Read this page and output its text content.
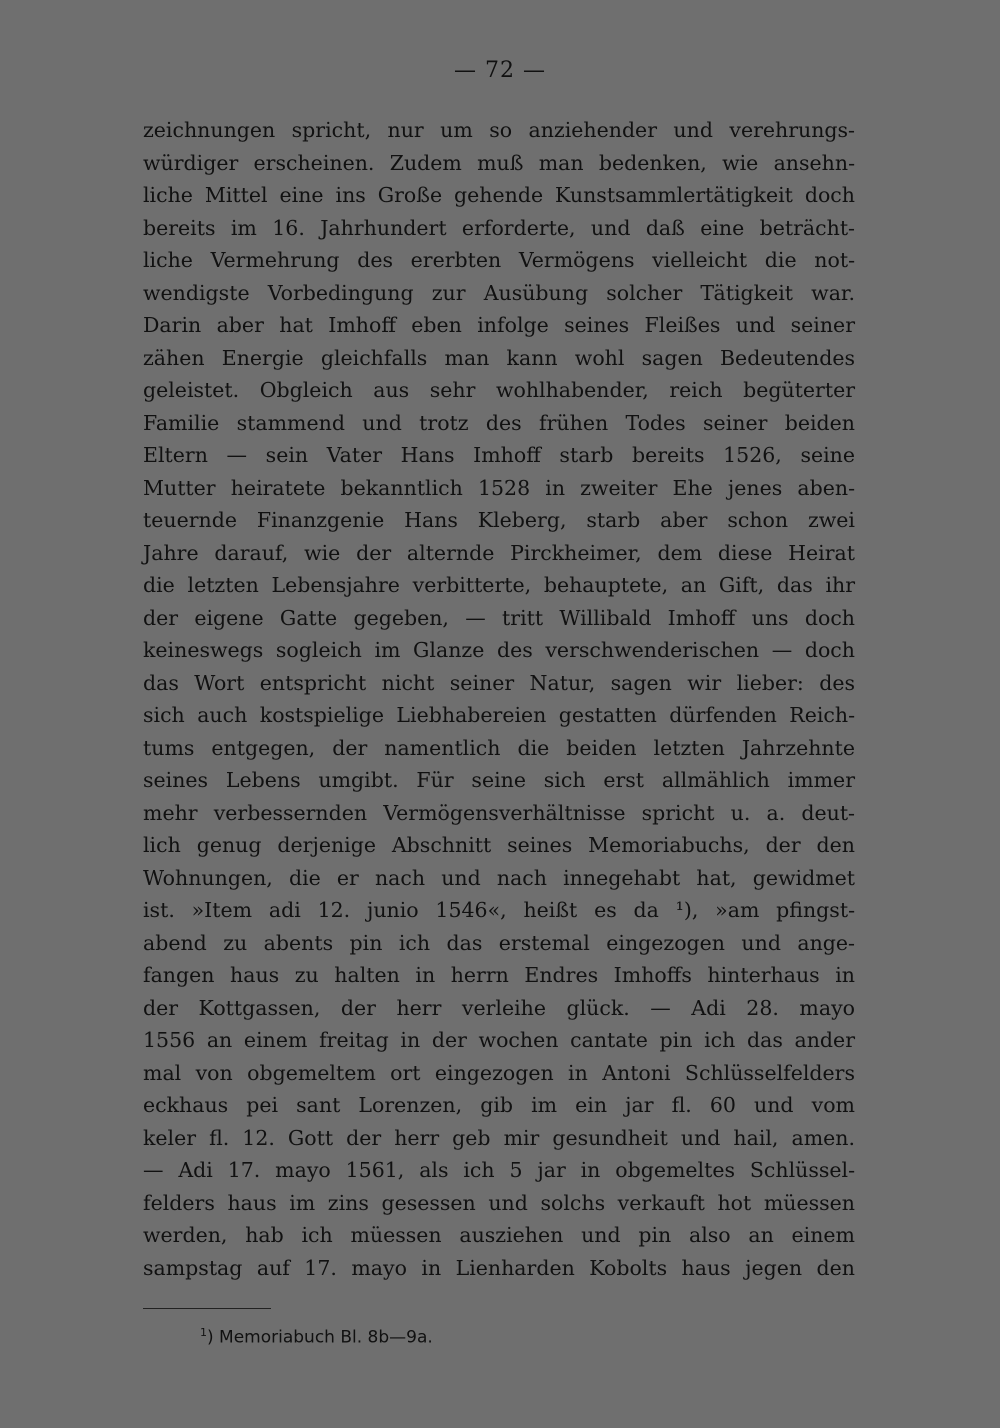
— 72 —
zeichnungen spricht, nur um so anziehender und verehrungs-
würdiger erscheinen. Zudem muß man bedenken, wie ansehn-
liche Mittel eine ins Große gehende Kunstsammlertätigkeit doch
bereits im 16. Jahrhundert erforderte, und daß eine beträcht-
liche Vermehrung des ererbten Vermögens vielleicht die not-
wendigste Vorbedingung zur Ausübung solcher Tätigkeit war.
Darin aber hat Imhoff eben infolge seines Fleißes und seiner
zähen Energie gleichfalls man kann wohl sagen Bedeutendes
geleistet. Obgleich aus sehr wohlhabender, reich begüterter
Familie stammend und trotz des frühen Todes seiner beiden
Eltern — sein Vater Hans Imhoff starb bereits 1526, seine
Mutter heiratete bekanntlich 1528 in zweiter Ehe jenes aben-
teuernde Finanzgenie Hans Kleberg, starb aber schon zwei
Jahre darauf, wie der alternde Pirckheimer, dem diese Heirat
die letzten Lebensjahre verbitterte, behauptete, an Gift, das ihr
der eigene Gatte gegeben, — tritt Willibald Imhoff uns doch
keineswegs sogleich im Glanze des verschwenderischen — doch
das Wort entspricht nicht seiner Natur, sagen wir lieber: des
sich auch kostspielige Liebhabereien gestatten dürfenden Reich-
tums entgegen, der namentlich die beiden letzten Jahrzehnte
seines Lebens umgibt. Für seine sich erst allmählich immer
mehr verbessernden Vermögensverhältnisse spricht u. a. deut-
lich genug derjenige Abschnitt seines Memoriabuchs, der den
Wohnungen, die er nach und nach innegehabt hat, gewidmet
ist. »Item adi 12. junio 1546«, heißt es da ¹), »am pfingst-
abend zu abents pin ich das erstemal eingezogen und ange-
fangen haus zu halten in herrn Endres Imhoffs hinterhaus in
der Kottgassen, der herr verleihe glück. — Adi 28. mayo
1556 an einem freitag in der wochen cantate pin ich das ander
mal von obgemeltem ort eingezogen in Antoni Schlüsselfelders
eckhaus pei sant Lorenzen, gib im ein jar fl. 60 und vom
keler fl. 12. Gott der herr geb mir gesundheit und hail, amen.
— Adi 17. mayo 1561, als ich 5 jar in obgemeltes Schlüssel-
felders haus im zins gesessen und solchs verkauft hot müessen
werden, hab ich müessen ausziehen und pin also an einem
sampstag auf 17. mayo in Lienharden Kobolts haus jegen den
$^1$) Memoriabuch Bl. 8b—9a.
